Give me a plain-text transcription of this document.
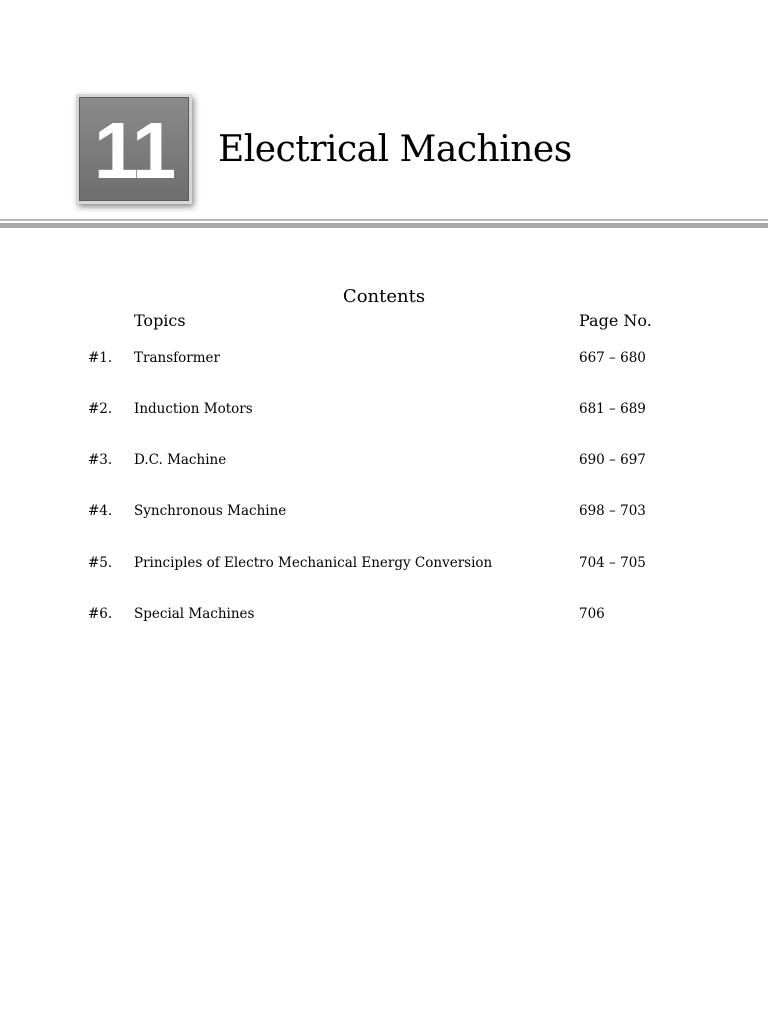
11 Electrical Machines
Contents
Topics	Page No.
#1. Transformer	667 – 680
#2. Induction Motors	681 – 689
#3. D.C. Machine	690 – 697
#4. Synchronous Machine	698 – 703
#5. Principles of Electro Mechanical Energy Conversion	704 – 705
#6. Special Machines	706
